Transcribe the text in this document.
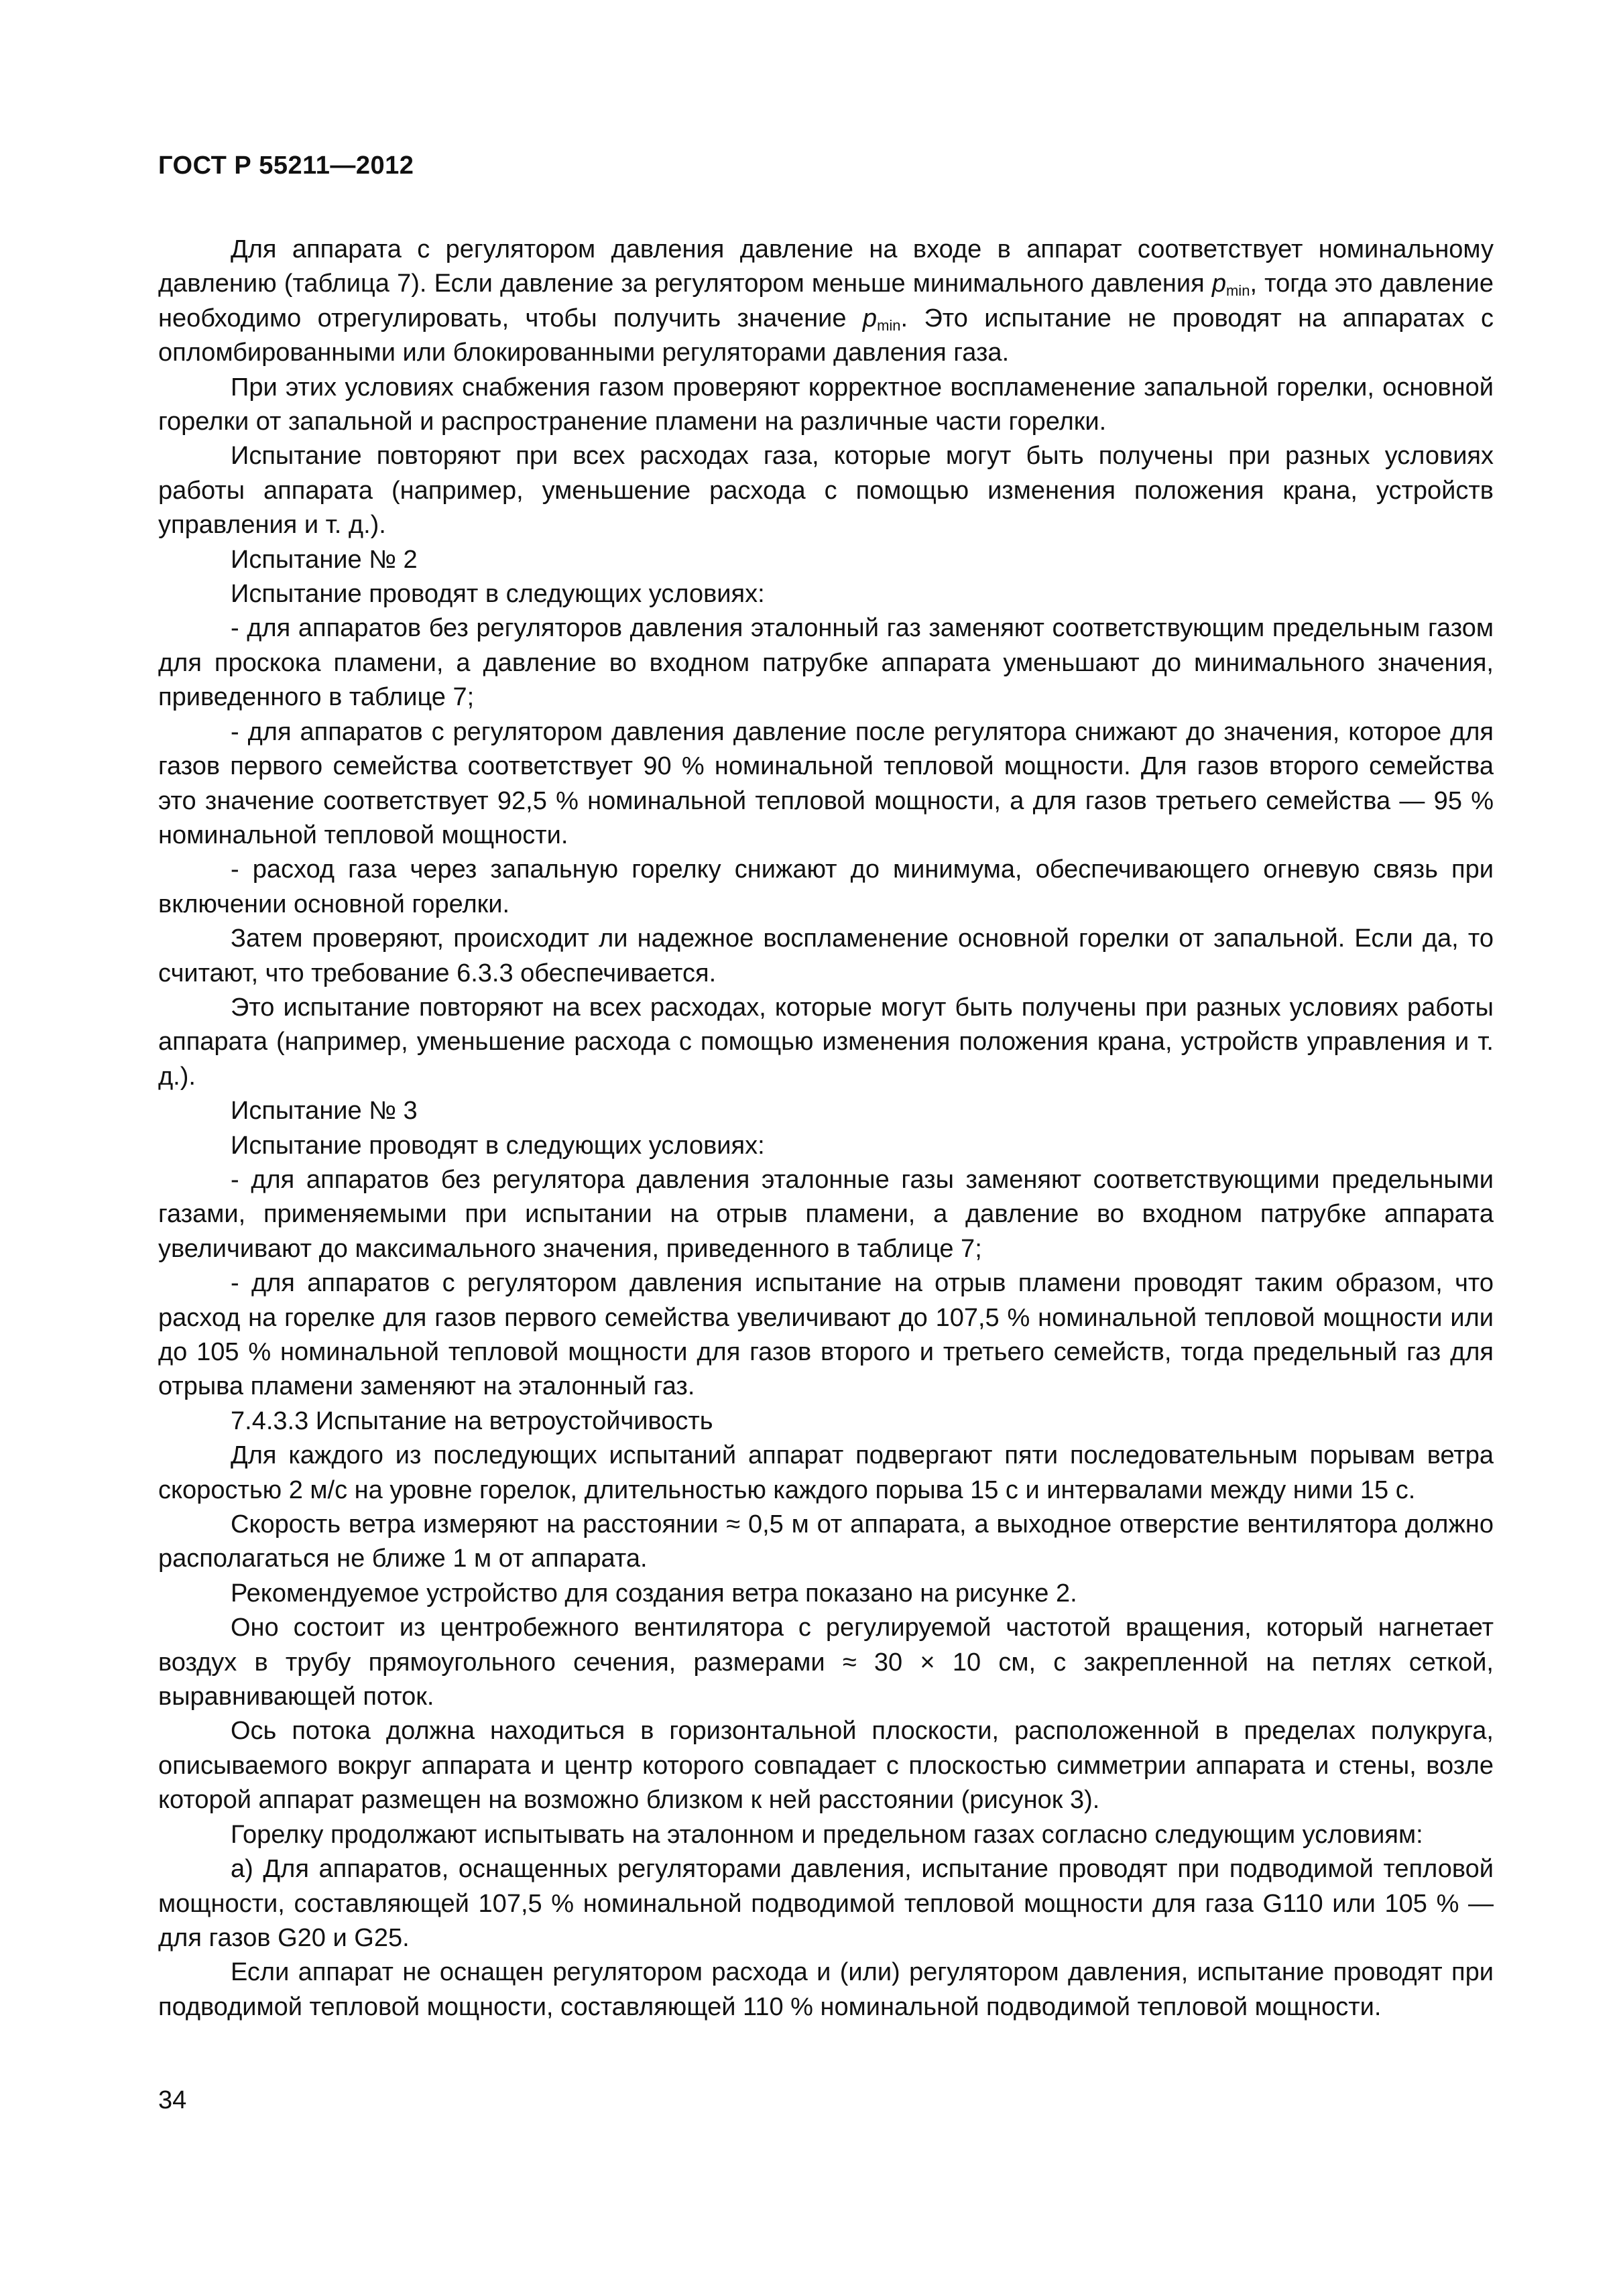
ГОСТ Р 55211—2012

Для аппарата с регулятором давления давление на входе в аппарат соответствует номинальному давлению (таблица 7). Если давление за регулятором меньше минимального давления $p_{min}$, тогда это давление необходимо отрегулировать, чтобы получить значение $p_{min}$. Это испытание не проводят на аппаратах с опломбированными или блокированными регуляторами давления газа.

При этих условиях снабжения газом проверяют корректное воспламенение запальной горелки, основной горелки от запальной и распространение пламени на различные части горелки.

Испытание повторяют при всех расходах газа, которые могут быть получены при разных условиях работы аппарата (например, уменьшение расхода с помощью изменения положения крана, устройств управления и т. д.).

Испытание № 2

Испытание проводят в следующих условиях:

- для аппаратов без регуляторов давления эталонный газ заменяют соответствующим предельным газом для проскока пламени, а давление во входном патрубке аппарата уменьшают до минимального значения, приведенного в таблице 7;

- для аппаратов с регулятором давления давление после регулятора снижают до значения, которое для газов первого семейства соответствует 90 % номинальной тепловой мощности. Для газов второго семейства это значение соответствует 92,5 % номинальной тепловой мощности, а для газов третьего семейства — 95 % номинальной тепловой мощности.

- расход газа через запальную горелку снижают до минимума, обеспечивающего огневую связь при включении основной горелки.

Затем проверяют, происходит ли надежное воспламенение основной горелки от запальной. Если да, то считают, что требование 6.3.3 обеспечивается.

Это испытание повторяют на всех расходах, которые могут быть получены при разных условиях работы аппарата (например, уменьшение расхода с помощью изменения положения крана, устройств управления и т. д.).

Испытание № 3

Испытание проводят в следующих условиях:

- для аппаратов без регулятора давления эталонные газы заменяют соответствующими предельными газами, применяемыми при испытании на отрыв пламени, а давление во входном патрубке аппарата увеличивают до максимального значения, приведенного в таблице 7;

- для аппаратов с регулятором давления испытание на отрыв пламени проводят таким образом, что расход на горелке для газов первого семейства увеличивают до 107,5 % номинальной тепловой мощности или до 105 % номинальной тепловой мощности для газов второго и третьего семейств, тогда предельный газ для отрыва пламени заменяют на эталонный газ.

7.4.3.3 Испытание на ветроустойчивость

Для каждого из последующих испытаний аппарат подвергают пяти последовательным порывам ветра скоростью 2 м/с на уровне горелок, длительностью каждого порыва 15 с и интервалами между ними 15 с.

Скорость ветра измеряют на расстоянии ≈ 0,5 м от аппарата, а выходное отверстие вентилятора должно располагаться не ближе 1 м от аппарата.

Рекомендуемое устройство для создания ветра показано на рисунке 2.

Оно состоит из центробежного вентилятора с регулируемой частотой вращения, который нагнетает воздух в трубу прямоугольного сечения, размерами ≈ 30 × 10 см, с закрепленной на петлях сеткой, выравнивающей поток.

Ось потока должна находиться в горизонтальной плоскости, расположенной в пределах полукруга, описываемого вокруг аппарата и центр которого совпадает с плоскостью симметрии аппарата и стены, возле которой аппарат размещен на возможно близком к ней расстоянии (рисунок 3).

Горелку продолжают испытывать на эталонном и предельном газах согласно следующим условиям:

а) Для аппаратов, оснащенных регуляторами давления, испытание проводят при подводимой тепловой мощности, составляющей 107,5 % номинальной подводимой тепловой мощности для газа G110 или 105 % — для газов G20 и G25.

Если аппарат не оснащен регулятором расхода и (или) регулятором давления, испытание проводят при подводимой тепловой мощности, составляющей 110 % номинальной подводимой тепловой мощности.

34
